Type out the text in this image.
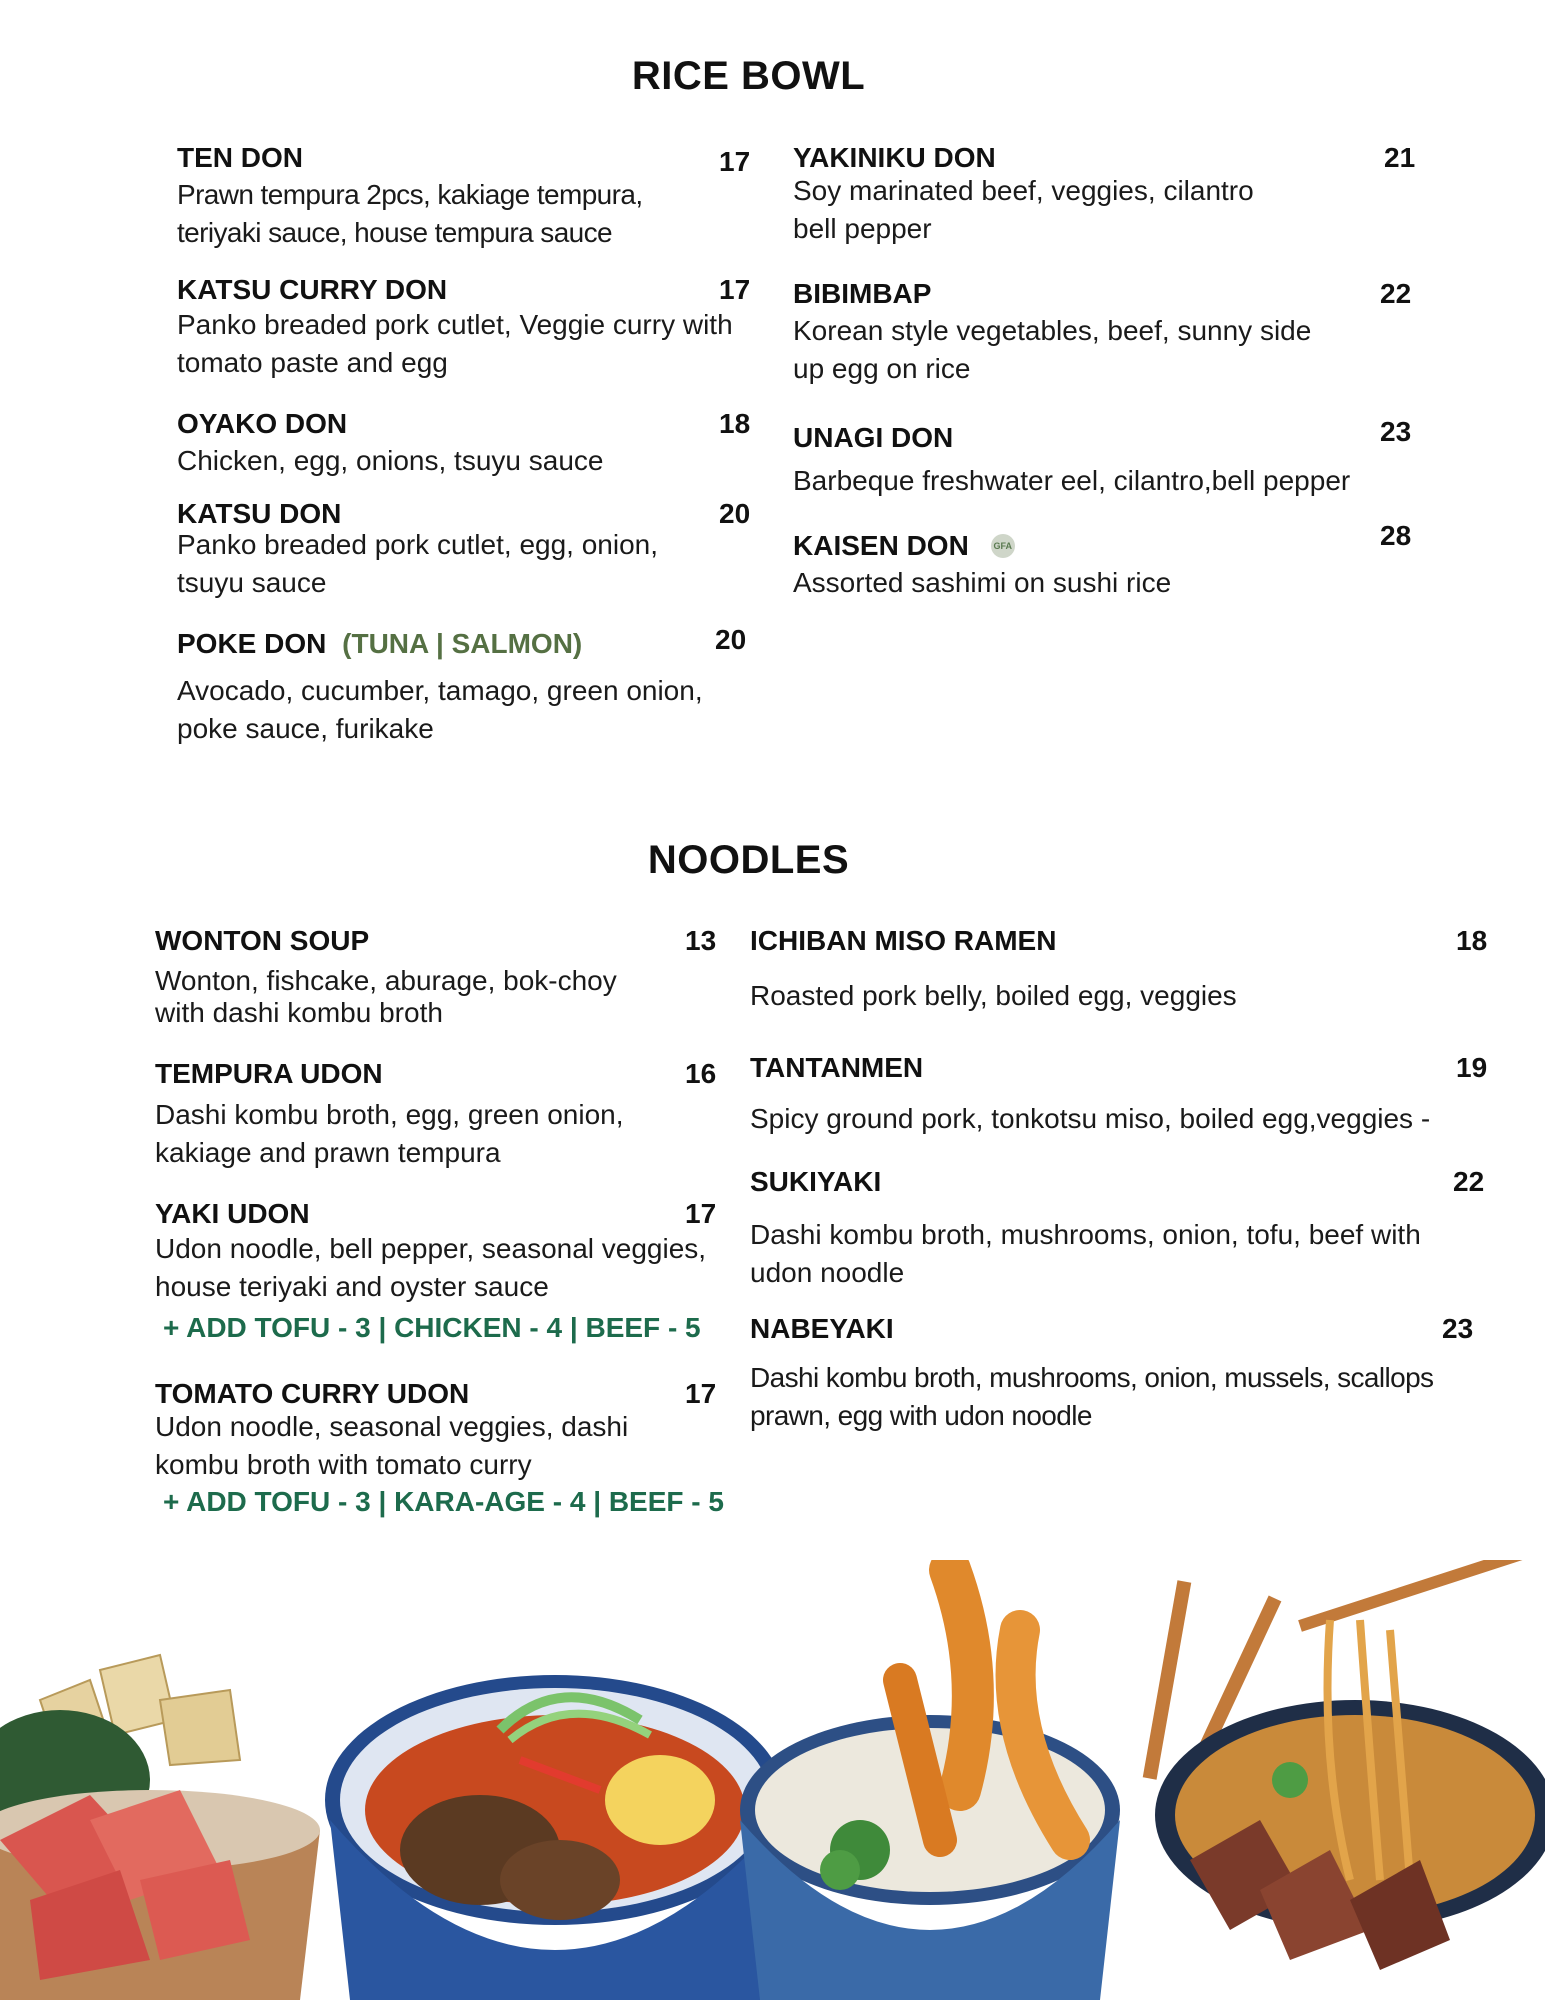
RICE BOWL
TEN DON	17
Prawn tempura 2pcs, kakiage tempura,
teriyaki sauce, house tempura sauce
KATSU CURRY DON	17
Panko breaded pork cutlet, Veggie curry with
tomato paste and egg
OYAKO DON	18
Chicken, egg, onions, tsuyu sauce
KATSU DON	20
Panko breaded pork cutlet, egg, onion,
tsuyu sauce
POKE DON (TUNA | SALMON)	20
Avocado, cucumber, tamago, green onion,
poke sauce, furikake
YAKINIKU DON	21
Soy marinated beef, veggies, cilantro
bell pepper
BIBIMBAP	22
Korean style vegetables, beef, sunny side
up egg on rice
UNAGI DON	23
Barbeque freshwater eel, cilantro,bell pepper
KAISEN DON	GFA	28
Assorted sashimi on sushi rice
NOODLES
WONTON SOUP	13
Wonton, fishcake, aburage, bok-choy
with dashi kombu broth
TEMPURA UDON	16
Dashi kombu broth, egg, green onion,
kakiage and prawn tempura
YAKI UDON	17
Udon noodle, bell pepper, seasonal veggies,
house teriyaki and oyster sauce
+ ADD TOFU - 3 | CHICKEN - 4 | BEEF - 5
TOMATO CURRY UDON	17
Udon noodle, seasonal veggies, dashi
kombu broth with tomato curry
+ ADD TOFU - 3 | KARA-AGE - 4 | BEEF - 5
ICHIBAN MISO RAMEN	18
Roasted pork belly, boiled egg, veggies
TANTANMEN	19
Spicy ground pork, tonkotsu miso, boiled egg,veggies -
SUKIYAKI	22
Dashi kombu broth, mushrooms, onion, tofu, beef with
udon noodle
NABEYAKI	23
Dashi kombu broth, mushrooms, onion, mussels, scallops
prawn, egg with udon noodle
